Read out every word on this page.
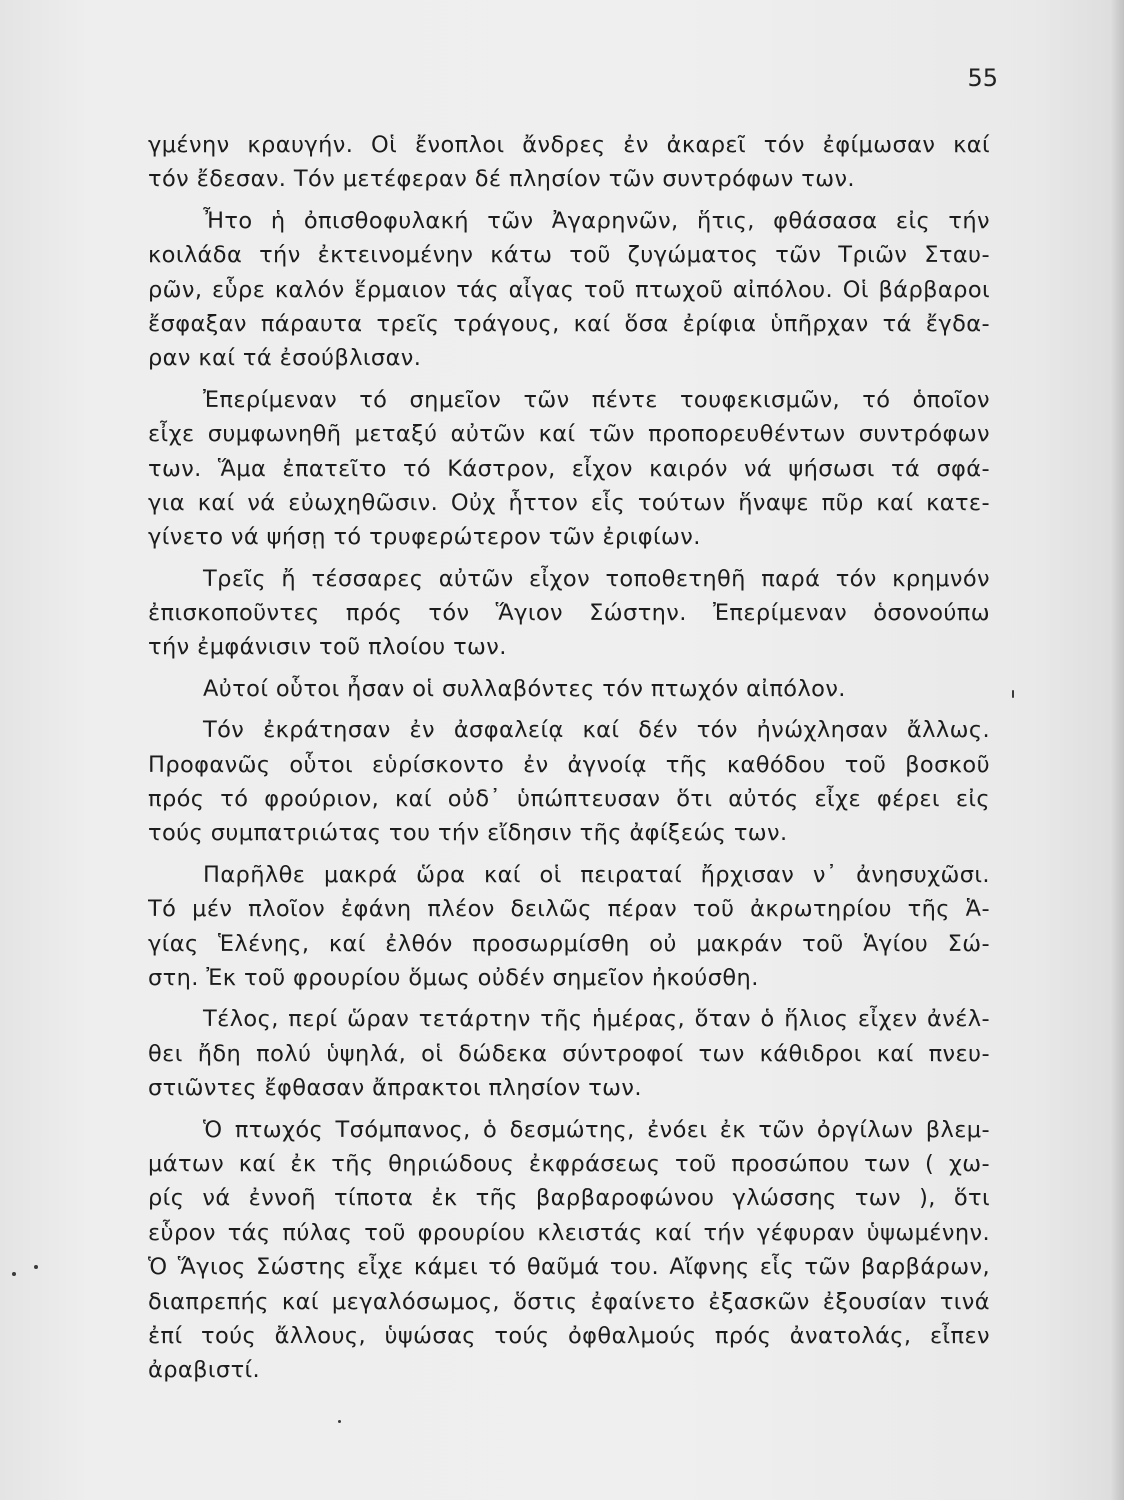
55
γμένην κραυγήν. Οἱ ἔνοπλοι ἄνδρες ἐν ἀκαρεῖ τόν ἐφίμωσαν καί
τόν ἔδεσαν. Τόν μετέφεραν δέ πλησίον τῶν συντρόφων των.
Ἦτο ἡ ὀπισθοφυλακή τῶν Ἀγαρηνῶν, ἥτις, φθάσασα εἰς τήν
κοιλάδα τήν ἐκτεινομένην κάτω τοῦ ζυγώματος τῶν Τριῶν Σταυ-
ρῶν, εὗρε καλόν ἕρμαιον τάς αἶγας τοῦ πτωχοῦ αἰπόλου. Οἱ βάρβαροι
ἔσφαξαν πάραυτα τρεῖς τράγους, καί ὅσα ἐρίφια ὑπῆρχαν τά ἔγδα-
ραν καί τά ἐσούβλισαν.
Ἐπερίμεναν τό σημεῖον τῶν πέντε τουφεκισμῶν, τό ὁποῖον
εἶχε συμφωνηθῆ μεταξύ αὐτῶν καί τῶν προπορευθέντων συντρόφων
των. Ἅμα ἐπατεῖτο τό Κάστρον, εἶχον καιρόν νά ψήσωσι τά σφά-
για καί νά εὐωχηθῶσιν. Οὐχ ἧττον εἷς τούτων ἥναψε πῦρ καί κατε-
γίνετο νά ψήσῃ τό τρυφερώτερον τῶν ἐριφίων.
Τρεῖς ἤ τέσσαρες αὐτῶν εἶχον τοποθετηθῆ παρά τόν κρημνόν
ἐπισκοποῦντες πρός τόν Ἅγιον Σώστην. Ἐπερίμεναν ὁσονούπω
τήν ἐμφάνισιν τοῦ πλοίου των.
Αὐτοί οὗτοι ἦσαν οἱ συλλαβόντες τόν πτωχόν αἰπόλον.
Τόν ἐκράτησαν ἐν ἀσφαλείᾳ καί δέν τόν ἠνώχλησαν ἄλλως.
Προφανῶς οὗτοι εὑρίσκοντο ἐν ἀγνοίᾳ τῆς καθόδου τοῦ βοσκοῦ
πρός τό φρούριον, καί οὐδ᾽ ὑπώπτευσαν ὅτι αὐτός εἶχε φέρει εἰς
τούς συμπατριώτας του τήν εἴδησιν τῆς ἀφίξεώς των.
Παρῆλθε μακρά ὥρα καί οἱ πειραταί ἤρχισαν ν᾽ ἀνησυχῶσι.
Τό μέν πλοῖον ἐφάνη πλέον δειλῶς πέραν τοῦ ἀκρωτηρίου τῆς Ἁ-
γίας Ἑλένης, καί ἐλθόν προσωρμίσθη οὐ μακράν τοῦ Ἁγίου Σώ-
στη. Ἐκ τοῦ φρουρίου ὅμως οὐδέν σημεῖον ἠκούσθη.
Τέλος, περί ὥραν τετάρτην τῆς ἡμέρας, ὅταν ὁ ἥλιος εἶχεν ἀνέλ-
θει ἤδη πολύ ὑψηλά, οἱ δώδεκα σύντροφοί των κάθιδροι καί πνευ-
στιῶντες ἔφθασαν ἄπρακτοι πλησίον των.
Ὁ πτωχός Τσόμπανος, ὁ δεσμώτης, ἐνόει ἐκ τῶν ὀργίλων βλεμ-
μάτων καί ἐκ τῆς θηριώδους ἐκφράσεως τοῦ προσώπου των ( χω-
ρίς νά ἐννοῆ τίποτα ἐκ τῆς βαρβαροφώνου γλώσσης των ), ὅτι
εὗρον τάς πύλας τοῦ φρουρίου κλειστάς καί τήν γέφυραν ὑψωμένην.
Ὁ Ἅγιος Σώστης εἶχε κάμει τό θαῦμά του. Αἴφνης εἷς τῶν βαρβάρων,
διαπρεπής καί μεγαλόσωμος, ὅστις ἐφαίνετο ἐξασκῶν ἐξουσίαν τινά
ἐπί τούς ἄλλους, ὑψώσας τούς ὀφθαλμούς πρός ἀνατολάς, εἶπεν
ἀραβιστί.
